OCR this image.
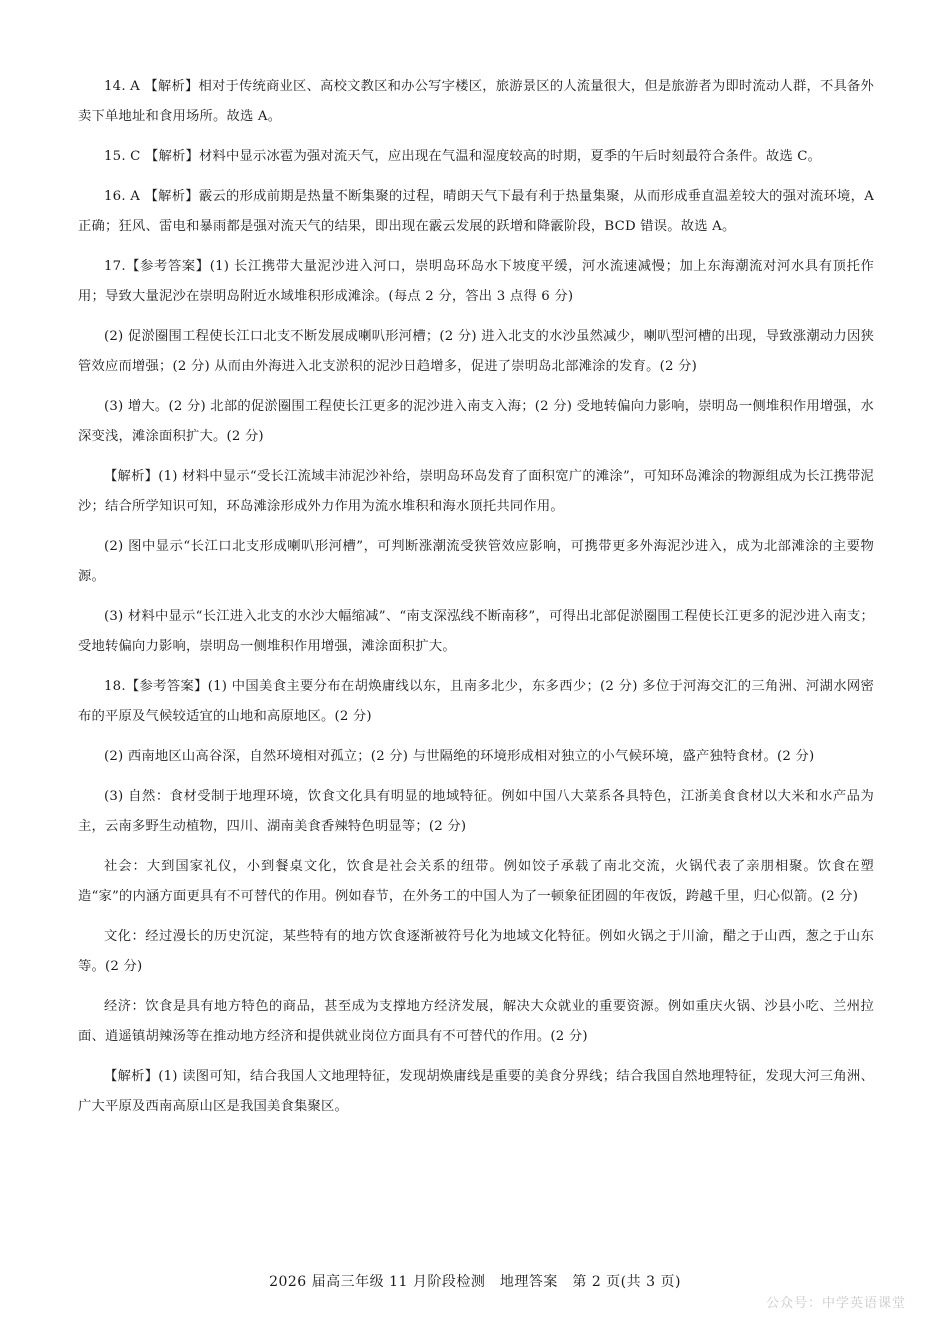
14. A 【解析】相对于传统商业区、高校文教区和办公写字楼区，旅游景区的人流量很大，但是旅游者为即时流动人群，不具备外卖下单地址和食用场所。故选 A。

15. C 【解析】材料中显示冰雹为强对流天气，应出现在气温和湿度较高的时期，夏季的午后时刻最符合条件。故选 C。

16. A 【解析】霰云的形成前期是热量不断集聚的过程，晴朗天气下最有利于热量集聚，从而形成垂直温差较大的强对流环境，A 正确；狂风、雷电和暴雨都是强对流天气的结果，即出现在霰云发展的跃增和降霰阶段，BCD 错误。故选 A。

17.【参考答案】(1) 长江携带大量泥沙进入河口，崇明岛环岛水下坡度平缓，河水流速减慢；加上东海潮流对河水具有顶托作用；导致大量泥沙在崇明岛附近水域堆积形成滩涂。(每点 2 分，答出 3 点得 6 分)

(2) 促淤圈围工程使长江口北支不断发展成喇叭形河槽；(2 分) 进入北支的水沙虽然减少，喇叭型河槽的出现，导致涨潮动力因狭管效应而增强；(2 分) 从而由外海进入北支淤积的泥沙日趋增多，促进了崇明岛北部滩涂的发育。(2 分)

(3) 增大。(2 分) 北部的促淤圈围工程使长江更多的泥沙进入南支入海；(2 分) 受地转偏向力影响，崇明岛一侧堆积作用增强，水深变浅，滩涂面积扩大。(2 分)

【解析】(1) 材料中显示“受长江流域丰沛泥沙补给，崇明岛环岛发育了面积宽广的滩涂”，可知环岛滩涂的物源组成为长江携带泥沙；结合所学知识可知，环岛滩涂形成外力作用为流水堆积和海水顶托共同作用。

(2) 图中显示“长江口北支形成喇叭形河槽”，可判断涨潮流受狭管效应影响，可携带更多外海泥沙进入，成为北部滩涂的主要物源。

(3) 材料中显示“长江进入北支的水沙大幅缩减”、“南支深泓线不断南移”，可得出北部促淤圈围工程使长江更多的泥沙进入南支；受地转偏向力影响，崇明岛一侧堆积作用增强，滩涂面积扩大。

18.【参考答案】(1) 中国美食主要分布在胡焕庸线以东，且南多北少，东多西少；(2 分) 多位于河海交汇的三角洲、河湖水网密布的平原及气候较适宜的山地和高原地区。(2 分)

(2) 西南地区山高谷深，自然环境相对孤立；(2 分) 与世隔绝的环境形成相对独立的小气候环境，盛产独特食材。(2 分)

(3) 自然：食材受制于地理环境，饮食文化具有明显的地域特征。例如中国八大菜系各具特色，江浙美食食材以大米和水产品为主，云南多野生动植物，四川、湖南美食香辣特色明显等；(2 分)

社会：大到国家礼仪，小到餐桌文化，饮食是社会关系的纽带。例如饺子承载了南北交流，火锅代表了亲朋相聚。饮食在塑造“家”的内涵方面更具有不可替代的作用。例如春节，在外务工的中国人为了一顿象征团圆的年夜饭，跨越千里，归心似箭。(2 分)

文化：经过漫长的历史沉淀，某些特有的地方饮食逐渐被符号化为地域文化特征。例如火锅之于川渝，醋之于山西，葱之于山东等。(2 分)

经济：饮食是具有地方特色的商品，甚至成为支撑地方经济发展，解决大众就业的重要资源。例如重庆火锅、沙县小吃、兰州拉面、逍遥镇胡辣汤等在推动地方经济和提供就业岗位方面具有不可替代的作用。(2 分)

【解析】(1) 读图可知，结合我国人文地理特征，发现胡焕庸线是重要的美食分界线；结合我国自然地理特征，发现大河三角洲、广大平原及西南高原山区是我国美食集聚区。

2026 届高三年级 11 月阶段检测　地理答案　第 2 页(共 3 页)
公众号：中学英语课堂
